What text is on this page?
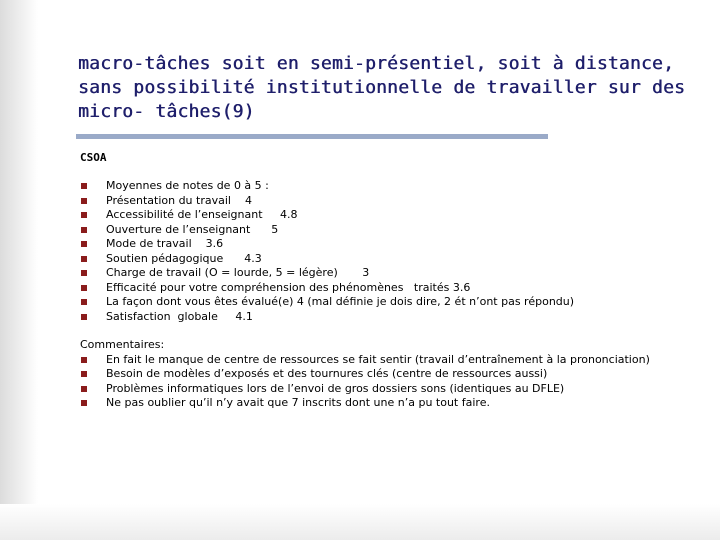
macro-tâches soit en semi-présentiel, soit à distance, sans possibilité institutionnelle de travailler sur des micro- tâches(9)
CSOA
Moyennes de notes de 0 à 5 :
Présentation du travail    4
Accessibilité de l’enseignant     4.8
Ouverture de l’enseignant      5
Mode de travail    3.6
Soutien pédagogique      4.3
Charge de travail (O = lourde, 5 = légère)       3
Efficacité pour votre compréhension des phénomènes   traités 3.6
La façon dont vous êtes évalué(e) 4 (mal définie je dois dire, 2 ét n’ont pas répondu)
Satisfaction  globale     4.1
Commentaires:
En fait le manque de centre de ressources se fait sentir (travail d’entraînement à la prononciation)
Besoin de modèles d’exposés et des tournures clés (centre de ressources aussi)
Problèmes informatiques lors de l’envoi de gros dossiers sons (identiques au DFLE)
Ne pas oublier qu’il n’y avait que 7 inscrits dont une n’a pu tout faire.
